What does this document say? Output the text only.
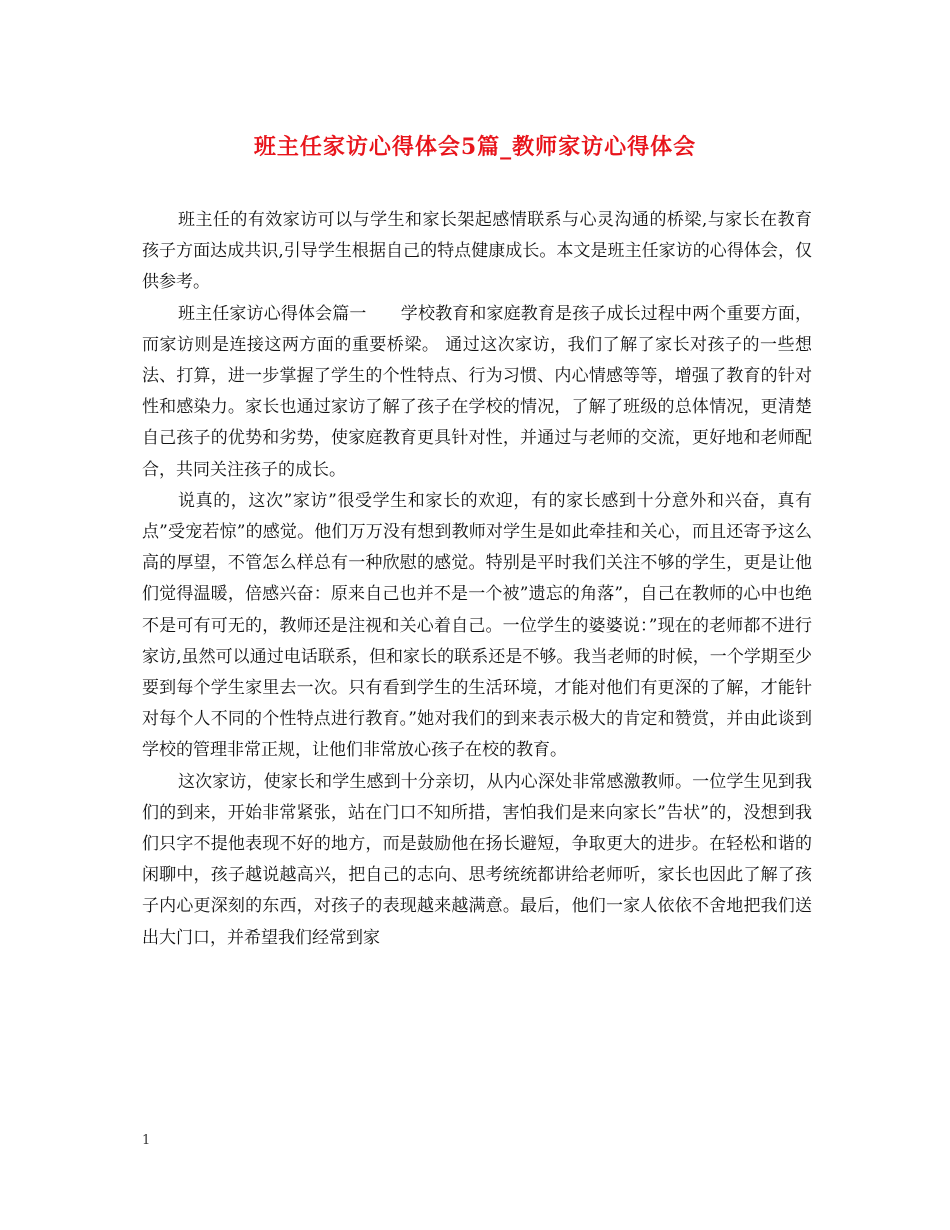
班主任家访心得体会5篇_教师家访心得体会

班主任的有效家访可以与学生和家长架起感情联系与心灵沟通的桥梁,与家长在教育孩子方面达成共识,引导学生根据自己的特点健康成长。本文是班主任家访的心得体会，仅供参考。

班主任家访心得体会篇一　　学校教育和家庭教育是孩子成长过程中两个重要方面，而家访则是连接这两方面的重要桥梁。 通过这次家访，我们了解了家长对孩子的一些想法、打算，进一步掌握了学生的个性特点、行为习惯、内心情感等等，增强了教育的针对性和感染力。家长也通过家访了解了孩子在学校的情况，了解了班级的总体情况，更清楚自己孩子的优势和劣势，使家庭教育更具针对性，并通过与老师的交流，更好地和老师配合，共同关注孩子的成长。

说真的，这次”家访”很受学生和家长的欢迎，有的家长感到十分意外和兴奋，真有点”受宠若惊”的感觉。他们万万没有想到教师对学生是如此牵挂和关心，而且还寄予这么高的厚望，不管怎么样总有一种欣慰的感觉。特别是平时我们关注不够的学生，更是让他们觉得温暖，倍感兴奋：原来自己也并不是一个被”遗忘的角落”，自己在教师的心中也绝不是可有可无的，教师还是注视和关心着自己。一位学生的婆婆说：”现在的老师都不进行家访,虽然可以通过电话联系，但和家长的联系还是不够。我当老师的时候，一个学期至少要到每个学生家里去一次。只有看到学生的生活环境，才能对他们有更深的了解，才能针对每个人不同的个性特点进行教育。”她对我们的到来表示极大的肯定和赞赏，并由此谈到学校的管理非常正规，让他们非常放心孩子在校的教育。

这次家访，使家长和学生感到十分亲切，从内心深处非常感激教师。一位学生见到我们的到来，开始非常紧张，站在门口不知所措，害怕我们是来向家长”告状”的，没想到我们只字不提他表现不好的地方，而是鼓励他在扬长避短，争取更大的进步。在轻松和谐的闲聊中，孩子越说越高兴，把自己的志向、思考统统都讲给老师听，家长也因此了解了孩子内心更深刻的东西，对孩子的表现越来越满意。最后，他们一家人依依不舍地把我们送出大门口，并希望我们经常到家

1
